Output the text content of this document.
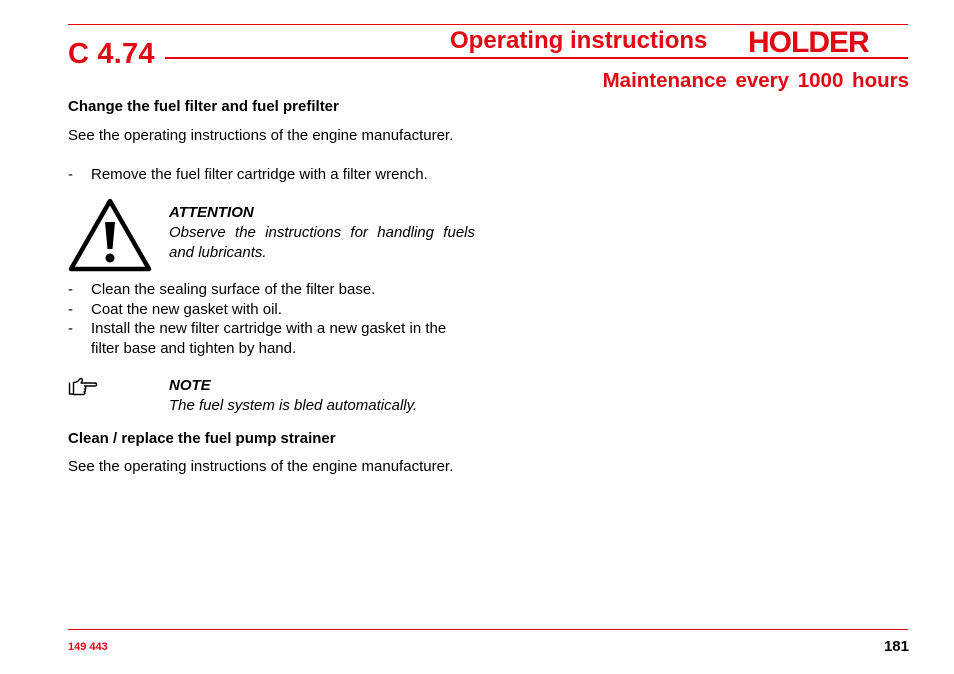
C 4.74	Operating instructions HOLDER
Maintenance every 1000 hours
Change the fuel filter and fuel prefilter
See the operating instructions of the engine manufacturer.
- Remove the fuel filter cartridge with a filter wrench.
ATTENTION
Observe the instructions for handling fuels and lubricants.
- Clean the sealing surface of the filter base.
- Coat the new gasket with oil.
- Install the new filter cartridge with a new gasket in the filter base and tighten by hand.
NOTE
The fuel system is bled automatically.
Clean / replace the fuel pump strainer
See the operating instructions of the engine manufacturer.
149 443	181
